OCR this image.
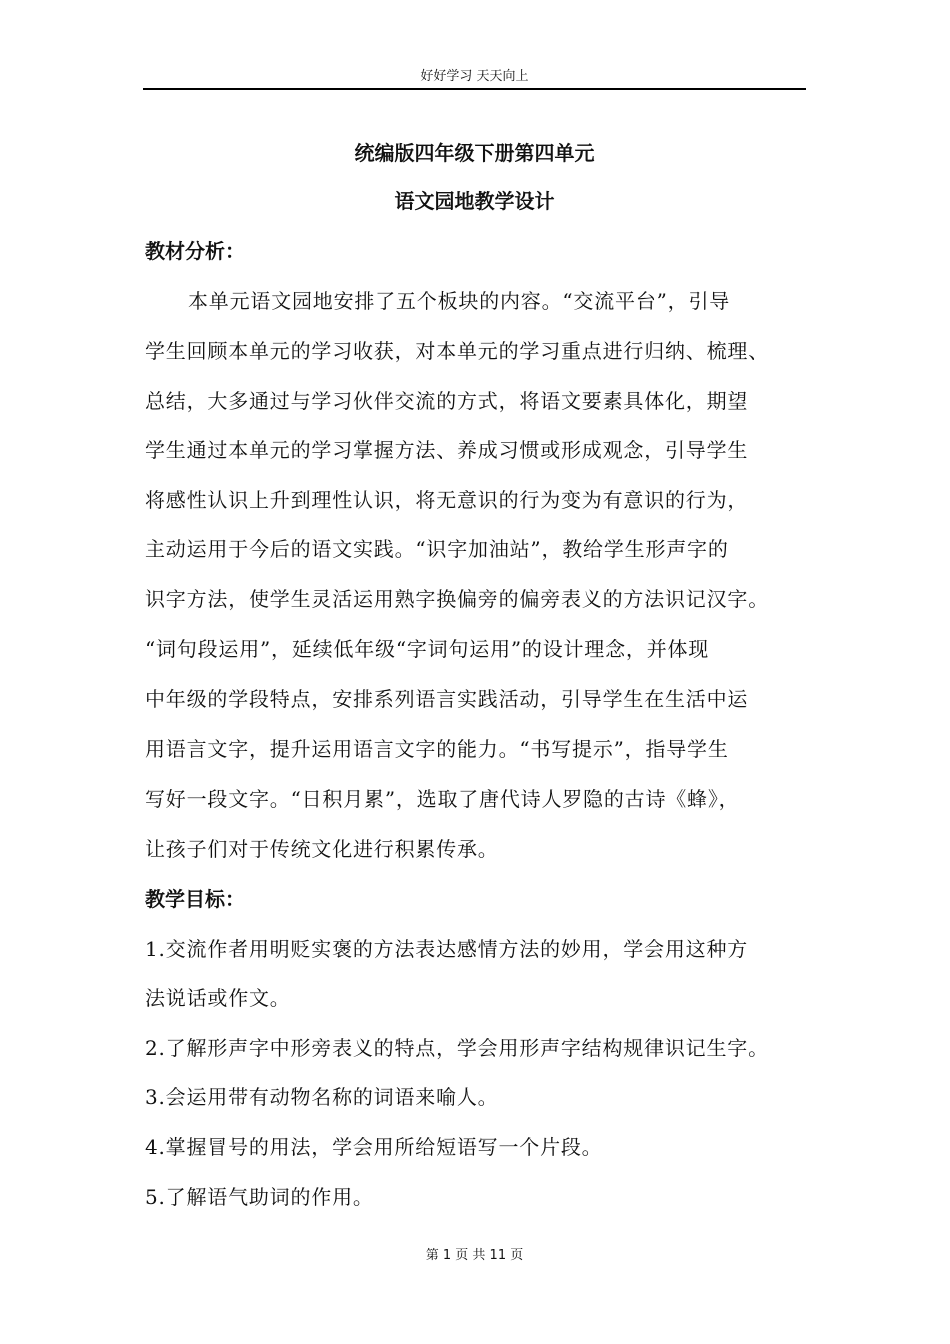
好好学习 天天向上
统编版四年级下册第四单元
语文园地教学设计
教材分析：
本单元语文园地安排了五个板块的内容。“交流平台”，引导
学生回顾本单元的学习收获，对本单元的学习重点进行归纳、梳理、
总结，大多通过与学习伙伴交流的方式，将语文要素具体化，期望
学生通过本单元的学习掌握方法、养成习惯或形成观念，引导学生
将感性认识上升到理性认识，将无意识的行为变为有意识的行为，
主动运用于今后的语文实践。“识字加油站”，教给学生形声字的
识字方法，使学生灵活运用熟字换偏旁的偏旁表义的方法识记汉字。
“词句段运用”，延续低年级“字词句运用”的设计理念，并体现
中年级的学段特点，安排系列语言实践活动，引导学生在生活中运
用语言文字，提升运用语言文字的能力。“书写提示”，指导学生
写好一段文字。“日积月累”，选取了唐代诗人罗隐的古诗《蜂》，
让孩子们对于传统文化进行积累传承。
教学目标：
1.交流作者用明贬实褒的方法表达感情方法的妙用，学会用这种方
法说话或作文。
2.了解形声字中形旁表义的特点，学会用形声字结构规律识记生字。
3.会运用带有动物名称的词语来喻人。
4.掌握冒号的用法，学会用所给短语写一个片段。
5.了解语气助词的作用。
第 1 页 共 11 页
